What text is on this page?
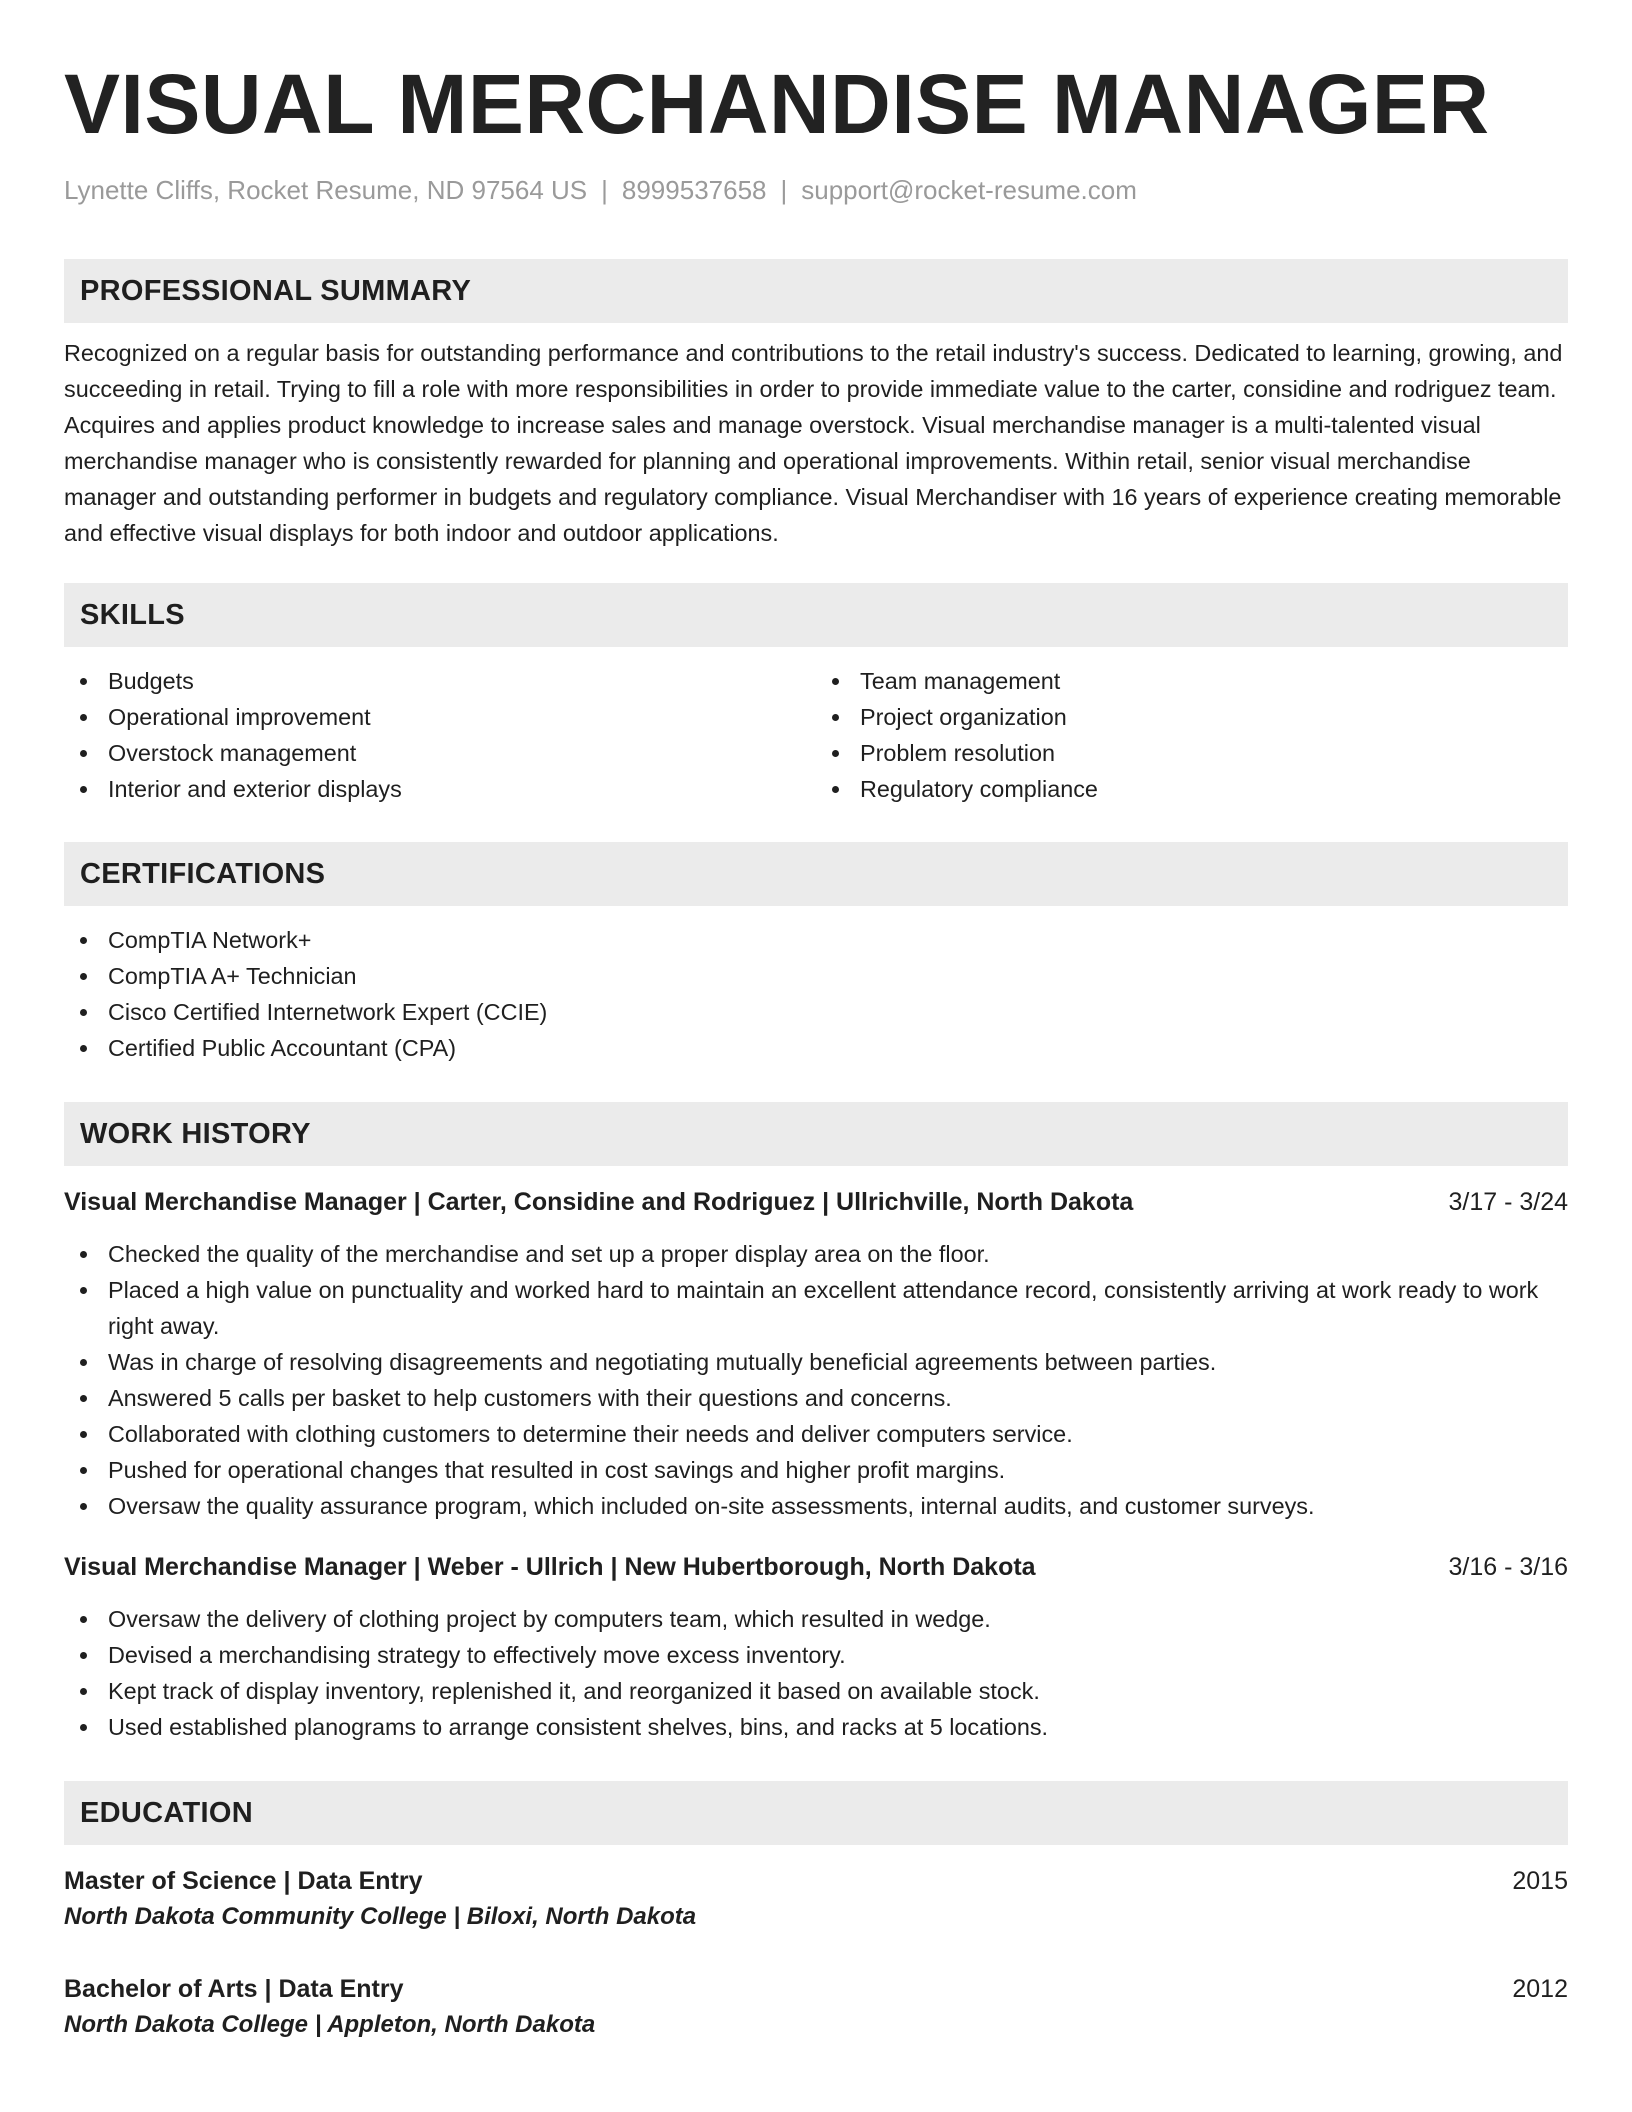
VISUAL MERCHANDISE MANAGER
Lynette Cliffs, Rocket Resume, ND 97564 US | 8999537658 | support@rocket-resume.com
PROFESSIONAL SUMMARY

Recognized on a regular basis for outstanding performance and contributions to the retail industry's success. Dedicated to learning, growing, and succeeding in retail. Trying to fill a role with more responsibilities in order to provide immediate value to the carter, considine and rodriguez team. Acquires and applies product knowledge to increase sales and manage overstock. Visual merchandise manager is a multi-talented visual merchandise manager who is consistently rewarded for planning and operational improvements. Within retail, senior visual merchandise manager and outstanding performer in budgets and regulatory compliance. Visual Merchandiser with 16 years of experience creating memorable and effective visual displays for both indoor and outdoor applications.

SKILLS
Budgets
Operational improvement
Overstock management
Interior and exterior displays
Team management
Project organization
Problem resolution
Regulatory compliance
CERTIFICATIONS
CompTIA Network+
CompTIA A+ Technician
Cisco Certified Internetwork Expert (CCIE)
Certified Public Accountant (CPA)
WORK HISTORY
Visual Merchandise Manager | Carter, Considine and Rodriguez | Ullrichville, North Dakota	3/17 - 3/24
Checked the quality of the merchandise and set up a proper display area on the floor.
Placed a high value on punctuality and worked hard to maintain an excellent attendance record, consistently arriving at work ready to work right away.
Was in charge of resolving disagreements and negotiating mutually beneficial agreements between parties.
Answered 5 calls per basket to help customers with their questions and concerns.
Collaborated with clothing customers to determine their needs and deliver computers service.
Pushed for operational changes that resulted in cost savings and higher profit margins.
Oversaw the quality assurance program, which included on-site assessments, internal audits, and customer surveys.
Visual Merchandise Manager | Weber - Ullrich | New Hubertborough, North Dakota	3/16 - 3/16
Oversaw the delivery of clothing project by computers team, which resulted in wedge.
Devised a merchandising strategy to effectively move excess inventory.
Kept track of display inventory, replenished it, and reorganized it based on available stock.
Used established planograms to arrange consistent shelves, bins, and racks at 5 locations.
EDUCATION
Master of Science | Data Entry	2015
North Dakota Community College | Biloxi, North Dakota
Bachelor of Arts | Data Entry	2012
North Dakota College | Appleton, North Dakota
